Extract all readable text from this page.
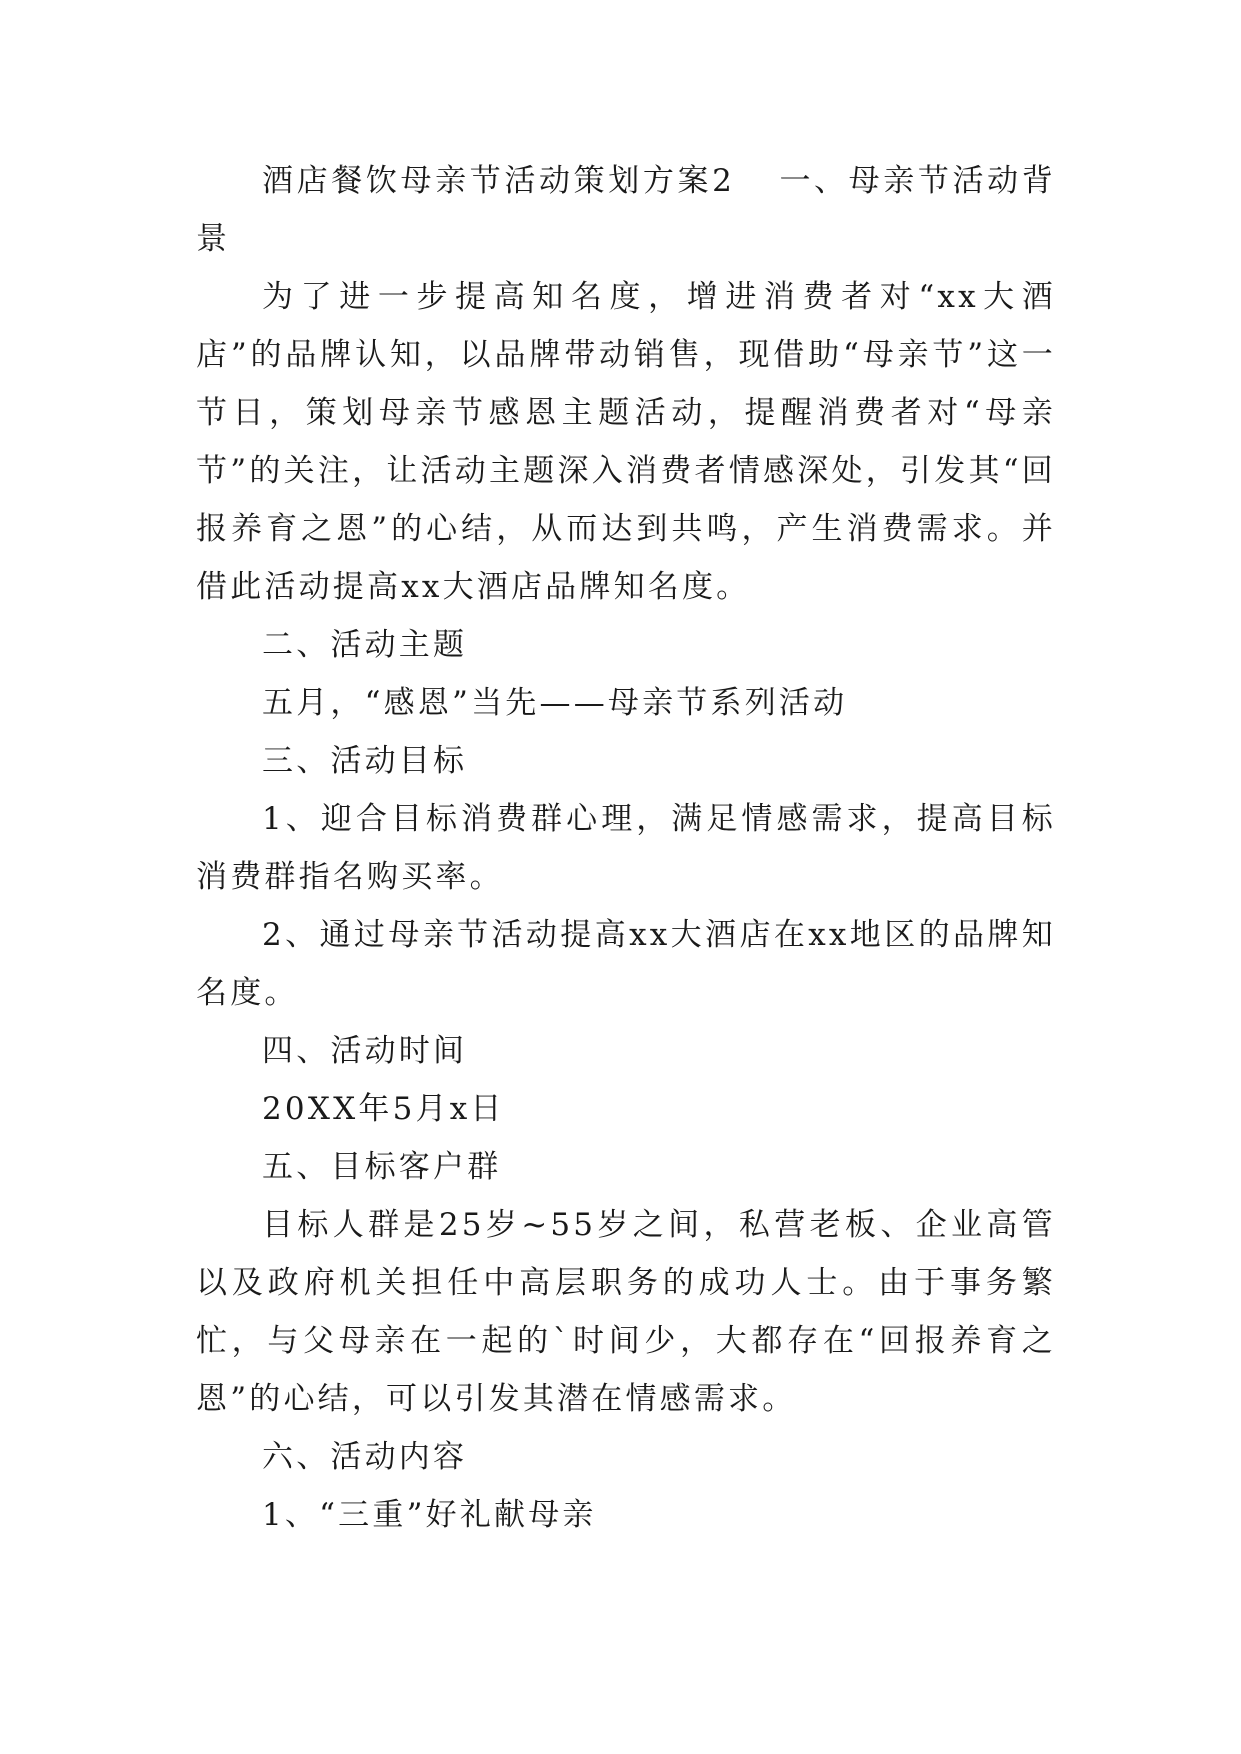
酒店餐饮母亲节活动策划方案2 一、母亲节活动背景

为了进一步提高知名度，增进消费者对“xx大酒店”的品牌认知，以品牌带动销售，现借助“母亲节”这一节日，策划母亲节感恩主题活动，提醒消费者对“母亲节”的关注，让活动主题深入消费者情感深处，引发其“回报养育之恩”的心结，从而达到共鸣，产生消费需求。并借此活动提高xx大酒店品牌知名度。

二、活动主题

五月，“感恩”当先——母亲节系列活动

三、活动目标

1、迎合目标消费群心理，满足情感需求，提高目标消费群指名购买率。

2、通过母亲节活动提高xx大酒店在xx地区的品牌知名度。

四、活动时间

20XX年5月x日

五、目标客户群

目标人群是25岁~55岁之间，私营老板、企业高管以及政府机关担任中高层职务的成功人士。由于事务繁忙，与父母亲在一起的`时间少，大都存在“回报养育之恩”的心结，可以引发其潜在情感需求。

六、活动内容

1、“三重”好礼献母亲
